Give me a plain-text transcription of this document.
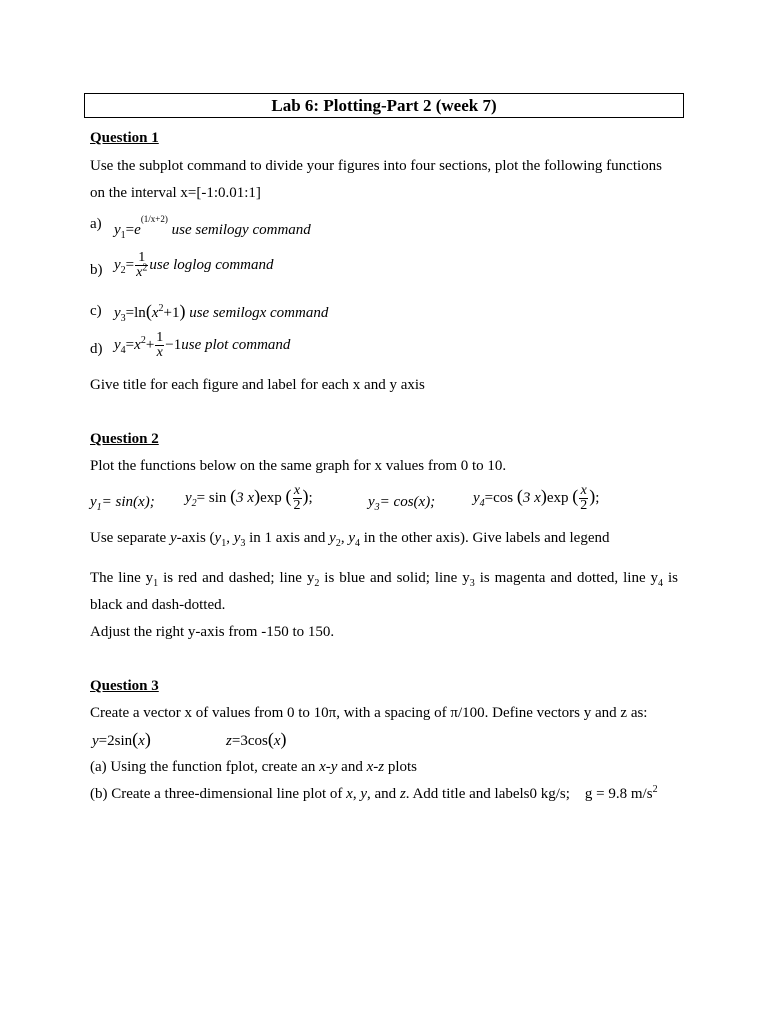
Lab 6: Plotting-Part 2 (week 7)
Question 1
Use the subplot command to divide your figures into four sections, plot the following functions
on the interval x=[-1:0.01:1]
a) $y_1=e^{(1/x+2)}$ use semilogy command
b) $y_2= \frac{1}{x^2}$ use loglog command
c) $y_3=\ln(x^2+1)$ use semilogx command
d) $y_4=x^2+ \frac{1}{x} -1use$ plot command
Give title for each figure and label for each x and y axis
Question 2
Plot the functions below on the same graph for x values from 0 to 10.
$y_1= \sin(x)$; $y_2= \sin (3$ x)exp ( $\frac{x}{2}$ );	$y_3= \cos(x)$;	$y_4=\cos$ (3 x)exp ( $\frac{x}{2}$ );
Use separate y-axis ($y_1$, $y_3$ in 1 axis and $y_2$, $y_4$ in the other axis). Give labels and legend
The line $y_1$ is red and dashed; line $y_2$ is blue and solid; line $y_3$ is magenta and dotted, line $y_4$ is black and dash-dotted.
Adjust the right y-axis from -150 to 150.
Question 3
Create a vector x of values from 0 to 10π, with a spacing of π/100. Define vectors y and z as:
y=2sin(x)	z=3cos(x)
(a) Using the function fplot, create an x-y and x-z plots
(b) Create a three-dimensional line plot of x, y, and z. Add title and labels0 kg/s;    g = 9.8 $m/s^2$
